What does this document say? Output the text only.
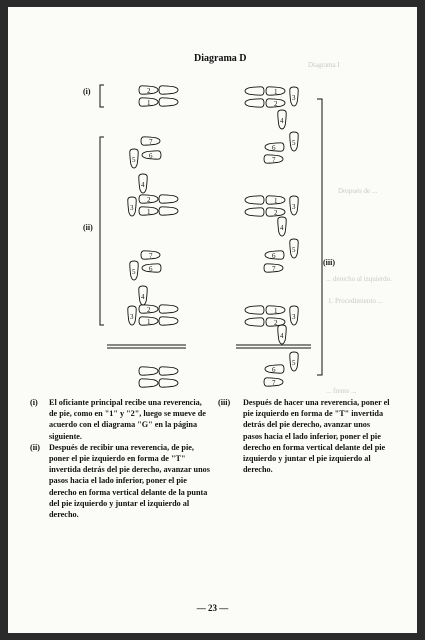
Diagrama D
Diagrama I
Después de ...
... derecho al izquierdo.
1. Procedimiento ...
... frente ...
(i)
(ii)
(iii)
2
1
7
6
5
4
2
1
3
7
6
5
4
2
1
3
1
2
3
4
5
6
7
1
2
3
4
5
6
7
1
2
3
4
5
6
7
(i)	El oficiante principal recibe una reverencia, de pie, como en "1" y "2", luego se mueve de acuerdo con el diagrama "G" en la página siguiente.
(ii)	Después de recibir una reverencia, de pie, poner el pie izquierdo en forma de "T" invertida detrás del pie derecho, avanzar unos pasos hacia el lado inferior, poner el pie derecho en forma vertical delante de la punta del pie izquierdo y juntar el izquierdo al derecho.
(iii)	Después de hacer una reverencia, poner el pie izquierdo en forma de "T" invertida detrás del pie derecho, avanzar unos pasos hacia el lado inferior, poner el pie derecho en forma vertical delante del pie izquierdo y juntar el pie izquierdo al derecho.
— 23 —
